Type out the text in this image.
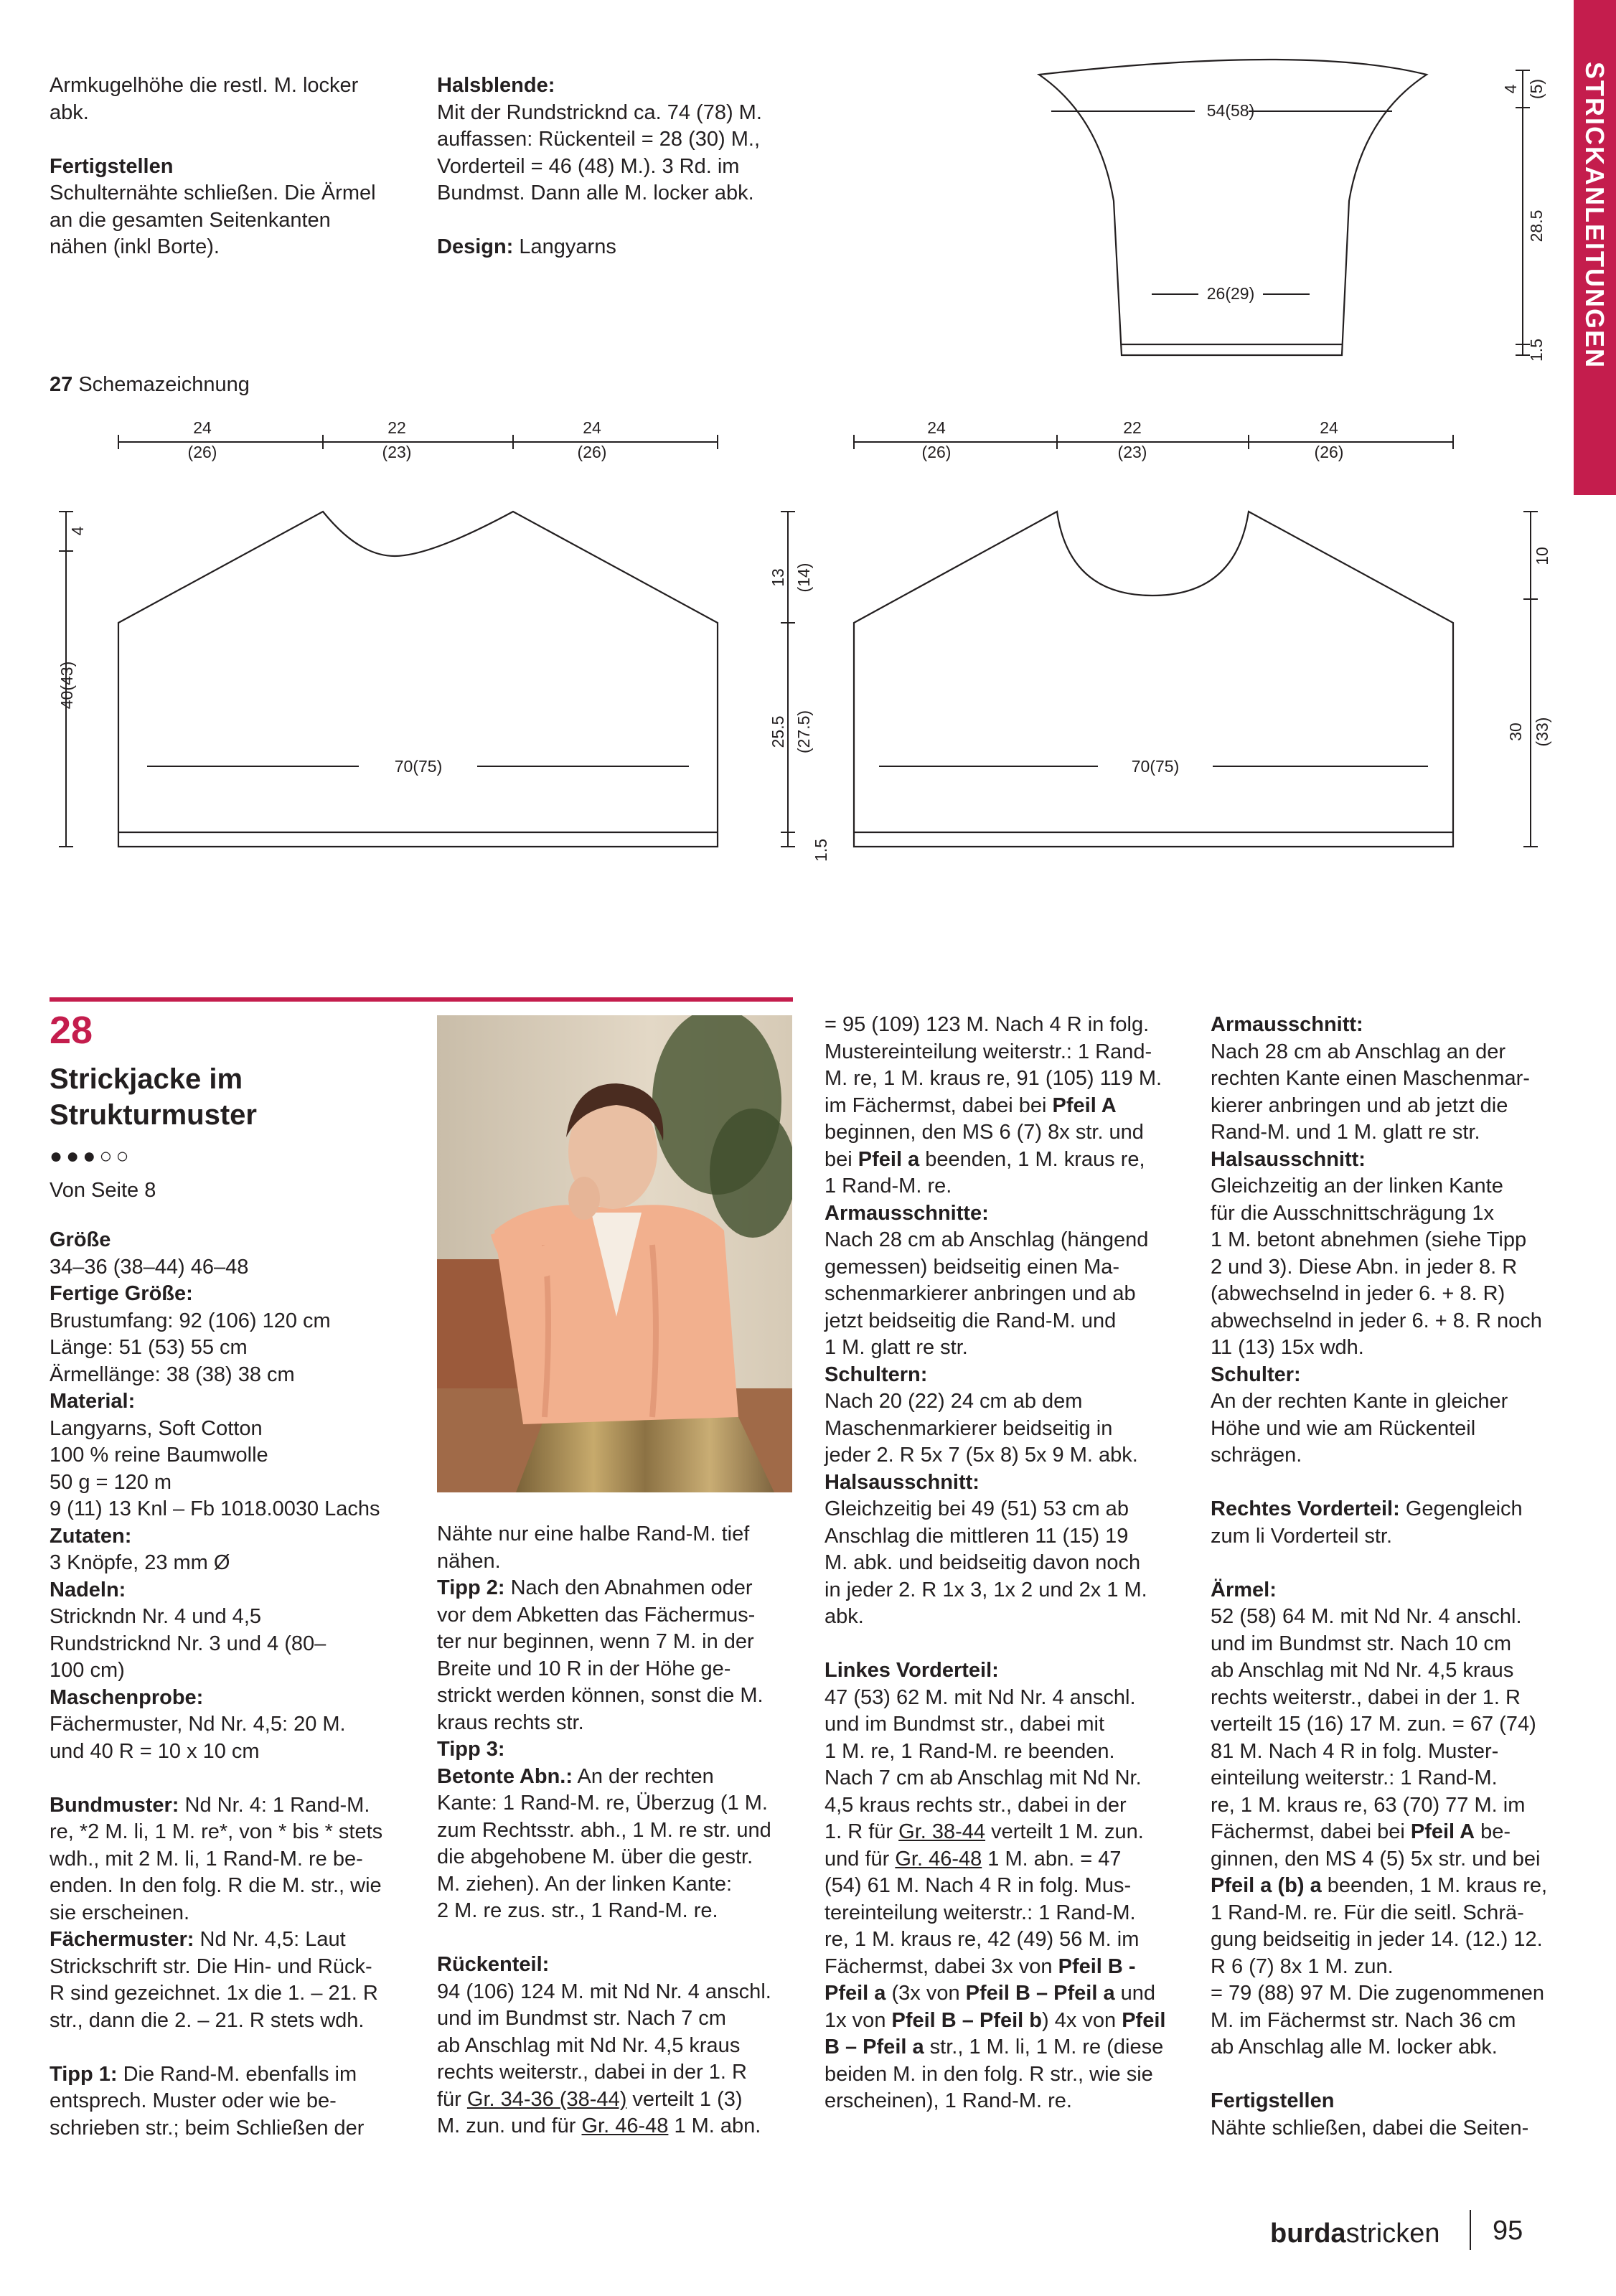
STRICKANLEITUNGEN

Armkugelhöhe die restl. M. locker

abk.

Fertigstellen

Schulternähte schließen. Die Ärmel

an die gesamten Seitenkanten

nähen (inkl Borte).

Halsblende:

Mit der Rundstricknd ca. 74 (78) M.

auffassen: Rückenteil = 28 (30) M.,

Vorderteil = 46 (48) M.). 3 Rd. im

Bundmst. Dann alle M. locker abk.

Design: Langyarns

54(58)
26(29)
4 (5)
28.5
1.5
27 Schemazeichnung
24
(26)
22
(23)
24
(26)
70(75)
4
40(43)
13 (14)
25.5 (27.5)
1.5
24
(26)
22
(23)
24
(26)
70(75)
10
30 (33)
28
Strickjacke im
Strukturmuster
●●●○○
Von Seite 8

Größe

34–36 (38–44) 46–48

Fertige Größe:

Brustumfang: 92 (106) 120 cm

Länge: 51 (53) 55 cm

Ärmellänge: 38 (38) 38 cm

Material:

Langyarns, Soft Cotton

100 % reine Baumwolle

50 g = 120 m

9 (11) 13 Knl – Fb 1018.0030 Lachs

Zutaten:

3 Knöpfe, 23 mm Ø

Nadeln:

Strickndn Nr. 4 und 4,5

Rundstricknd Nr. 3 und 4 (80–

100 cm)

Maschenprobe:

Fächermuster, Nd Nr. 4,5: 20 M.

und 40 R = 10 x 10 cm

Bundmuster: Nd Nr. 4: 1 Rand-M.

re, *2 M. li, 1 M. re*, von * bis * stets

wdh., mit 2 M. li, 1 Rand-M. re be-

enden. In den folg. R die M. str., wie

sie erscheinen.

Fächermuster: Nd Nr. 4,5: Laut

Strickschrift str. Die Hin- und Rück-

R sind gezeichnet. 1x die 1. – 21. R

str., dann die 2. – 21. R stets wdh.

Tipp 1: Die Rand-M. ebenfalls im

entsprech. Muster oder wie be-

schrieben str.; beim Schließen der

Nähte nur eine halbe Rand-M. tief

nähen.

Tipp 2: Nach den Abnahmen oder

vor dem Abketten das Fächermus-

ter nur beginnen, wenn 7 M. in der

Breite und 10 R in der Höhe ge-

strickt werden können, sonst die M.

kraus rechts str.

Tipp 3:

Betonte Abn.: An der rechten

Kante: 1 Rand-M. re, Überzug (1 M.

zum Rechtsstr. abh., 1 M. re str. und

die abgehobene M. über die gestr.

M. ziehen). An der linken Kante:

2 M. re zus. str., 1 Rand-M. re.

Rückenteil:

94 (106) 124 M. mit Nd Nr. 4 anschl.

und im Bundmst str. Nach 7 cm

ab Anschlag mit Nd Nr. 4,5 kraus

rechts weiterstr., dabei in der 1. R

für Gr. 34-36 (38-44) verteilt 1 (3)

M. zun. und für Gr. 46-48 1 M. abn.

= 95 (109) 123 M. Nach 4 R in folg.

Mustereinteilung weiterstr.: 1 Rand-

M. re, 1 M. kraus re, 91 (105) 119 M.

im Fächermst, dabei bei Pfeil A

beginnen, den MS 6 (7) 8x str. und

bei Pfeil a beenden, 1 M. kraus re,

1 Rand-M. re.

Armausschnitte:

Nach 28 cm ab Anschlag (hängend

gemessen) beidseitig einen Ma-

schenmarkierer anbringen und ab

jetzt beidseitig die Rand-M. und

1 M. glatt re str.

Schultern:

Nach 20 (22) 24 cm ab dem

Maschenmarkierer beidseitig in

jeder 2. R 5x 7 (5x 8) 5x 9 M. abk.

Halsausschnitt:

Gleichzeitig bei 49 (51) 53 cm ab

Anschlag die mittleren 11 (15) 19

M. abk. und beidseitig davon noch

in jeder 2. R 1x 3, 1x 2 und 2x 1 M.

abk.

Linkes Vorderteil:

47 (53) 62 M. mit Nd Nr. 4 anschl.

und im Bundmst str., dabei mit

1 M. re, 1 Rand-M. re beenden.

Nach 7 cm ab Anschlag mit Nd Nr.

4,5 kraus rechts str., dabei in der

1. R für Gr. 38-44 verteilt 1 M. zun.

und für Gr. 46-48 1 M. abn. = 47

(54) 61 M. Nach 4 R in folg. Mus-

tereinteilung weiterstr.: 1 Rand-M.

re, 1 M. kraus re, 42 (49) 56 M. im

Fächermst, dabei 3x von Pfeil B -

Pfeil a (3x von Pfeil B – Pfeil a und

1x von Pfeil B – Pfeil b) 4x von Pfeil

B – Pfeil a str., 1 M. li, 1 M. re (diese

beiden M. in den folg. R str., wie sie

erscheinen), 1 Rand-M. re.

Armausschnitt:

Nach 28 cm ab Anschlag an der

rechten Kante einen Maschenmar-

kierer anbringen und ab jetzt die

Rand-M. und 1 M. glatt re str.

Halsausschnitt:

Gleichzeitig an der linken Kante

für die Ausschnittschrägung 1x

1 M. betont abnehmen (siehe Tipp

2 und 3). Diese Abn. in jeder 8. R

(abwechselnd in jeder 6. + 8. R)

abwechselnd in jeder 6. + 8. R noch

11 (13) 15x wdh.

Schulter:

An der rechten Kante in gleicher

Höhe und wie am Rückenteil

schrägen.

Rechtes Vorderteil: Gegengleich

zum li Vorderteil str.

Ärmel:

52 (58) 64 M. mit Nd Nr. 4 anschl.

und im Bundmst str. Nach 10 cm

ab Anschlag mit Nd Nr. 4,5 kraus

rechts weiterstr., dabei in der 1. R

verteilt 15 (16) 17 M. zun. = 67 (74)

81 M. Nach 4 R in folg. Muster-

einteilung weiterstr.: 1 Rand-M.

re, 1 M. kraus re, 63 (70) 77 M. im

Fächermst, dabei bei Pfeil A be-

ginnen, den MS 4 (5) 5x str. und bei

Pfeil a (b) a beenden, 1 M. kraus re,

1 Rand-M. re. Für die seitl. Schrä-

gung beidseitig in jeder 14. (12.) 12.

R 6 (7) 8x 1 M. zun.

= 79 (88) 97 M. Die zugenommenen

M. im Fächermst str. Nach 36 cm

ab Anschlag alle M. locker abk.

Fertigstellen

Nähte schließen, dabei die Seiten-

burdastricken 95
